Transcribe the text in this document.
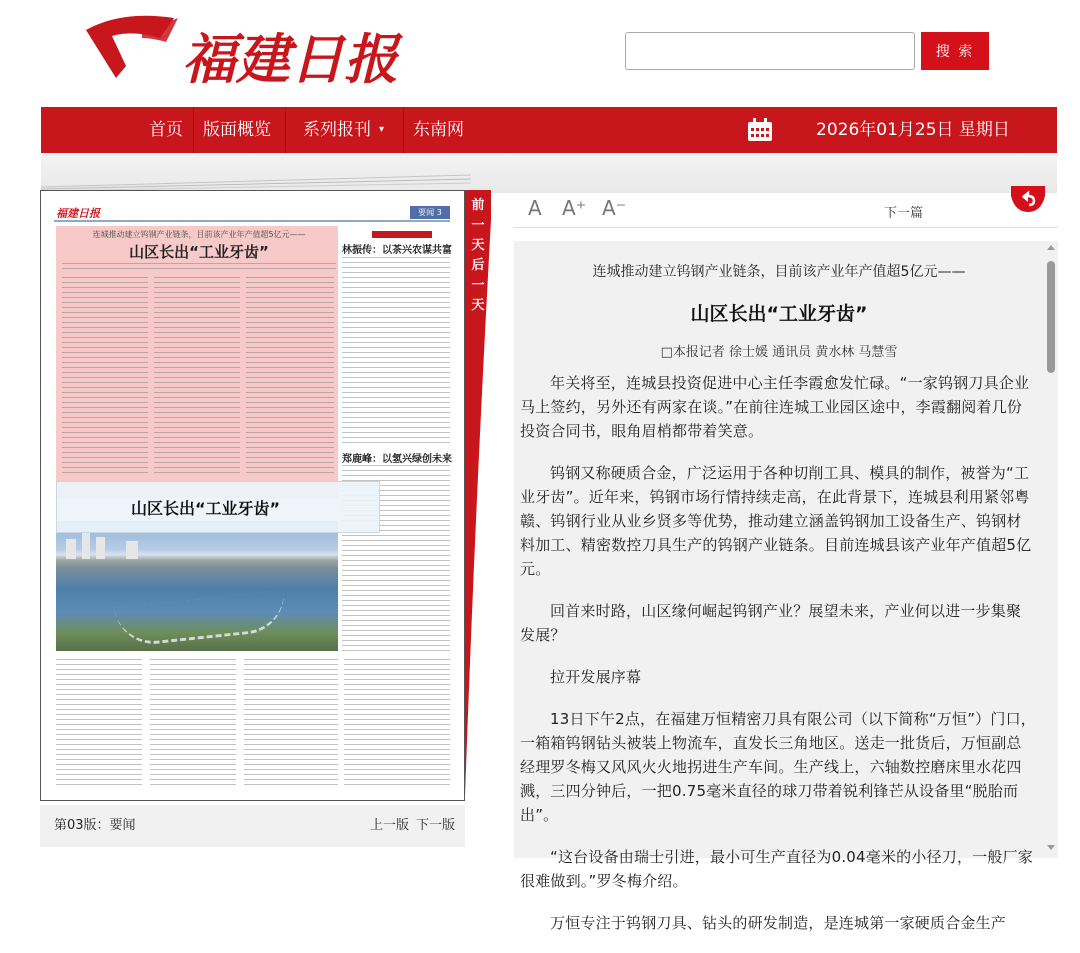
福建日报	搜 索
首页 版面概览 系列报刊 ▾ 东南网	2026年01月25日 星期日
福建日报	要闻 3
连城推动建立钨钢产业链条，目前该产业年产值超5亿元——
山区长出“工业牙齿”	林振传：以茶兴农谋共富
郑鹿峰：以氢兴绿创未来
山区长出“工业牙齿”
第03版：要闻	上一版 下一版
前一天
后一天
A A⁺ A⁻	下一篇
连城推动建立钨钢产业链条，目前该产业年产值超5亿元——
山区长出“工业牙齿”
□本报记者 徐士媛 通讯员 黄水林 马慧雪

年关将至，连城县投资促进中心主任李霞愈发忙碌。“一家钨钢刀具企业马上签约，另外还有两家在谈。”在前往连城工业园区途中，李霞翻阅着几份投资合同书，眼角眉梢都带着笑意。

钨钢又称硬质合金，广泛运用于各种切削工具、模具的制作，被誉为“工业牙齿”。近年来，钨钢市场行情持续走高，在此背景下，连城县利用紧邻粤赣、钨钢行业从业乡贤多等优势，推动建立涵盖钨钢加工设备生产、钨钢材料加工、精密数控刀具生产的钨钢产业链条。目前连城县该产业年产值超5亿元。

回首来时路，山区缘何崛起钨钢产业？展望未来，产业何以进一步集聚发展？

拉开发展序幕

13日下午2点，在福建万恒精密刀具有限公司（以下简称“万恒”）门口，一箱箱钨钢钻头被装上物流车，直发长三角地区。送走一批货后，万恒副总经理罗冬梅又风风火火地拐进生产车间。生产线上，六轴数控磨床里水花四溅，三四分钟后，一把0.75毫米直径的球刀带着锐利锋芒从设备里“脱胎而出”。

“这台设备由瑞士引进，最小可生产直径为0.04毫米的小径刀，一般厂家很难做到。”罗冬梅介绍。

万恒专注于钨钢刀具、钻头的研发制造，是连城第一家硬质合金生产
